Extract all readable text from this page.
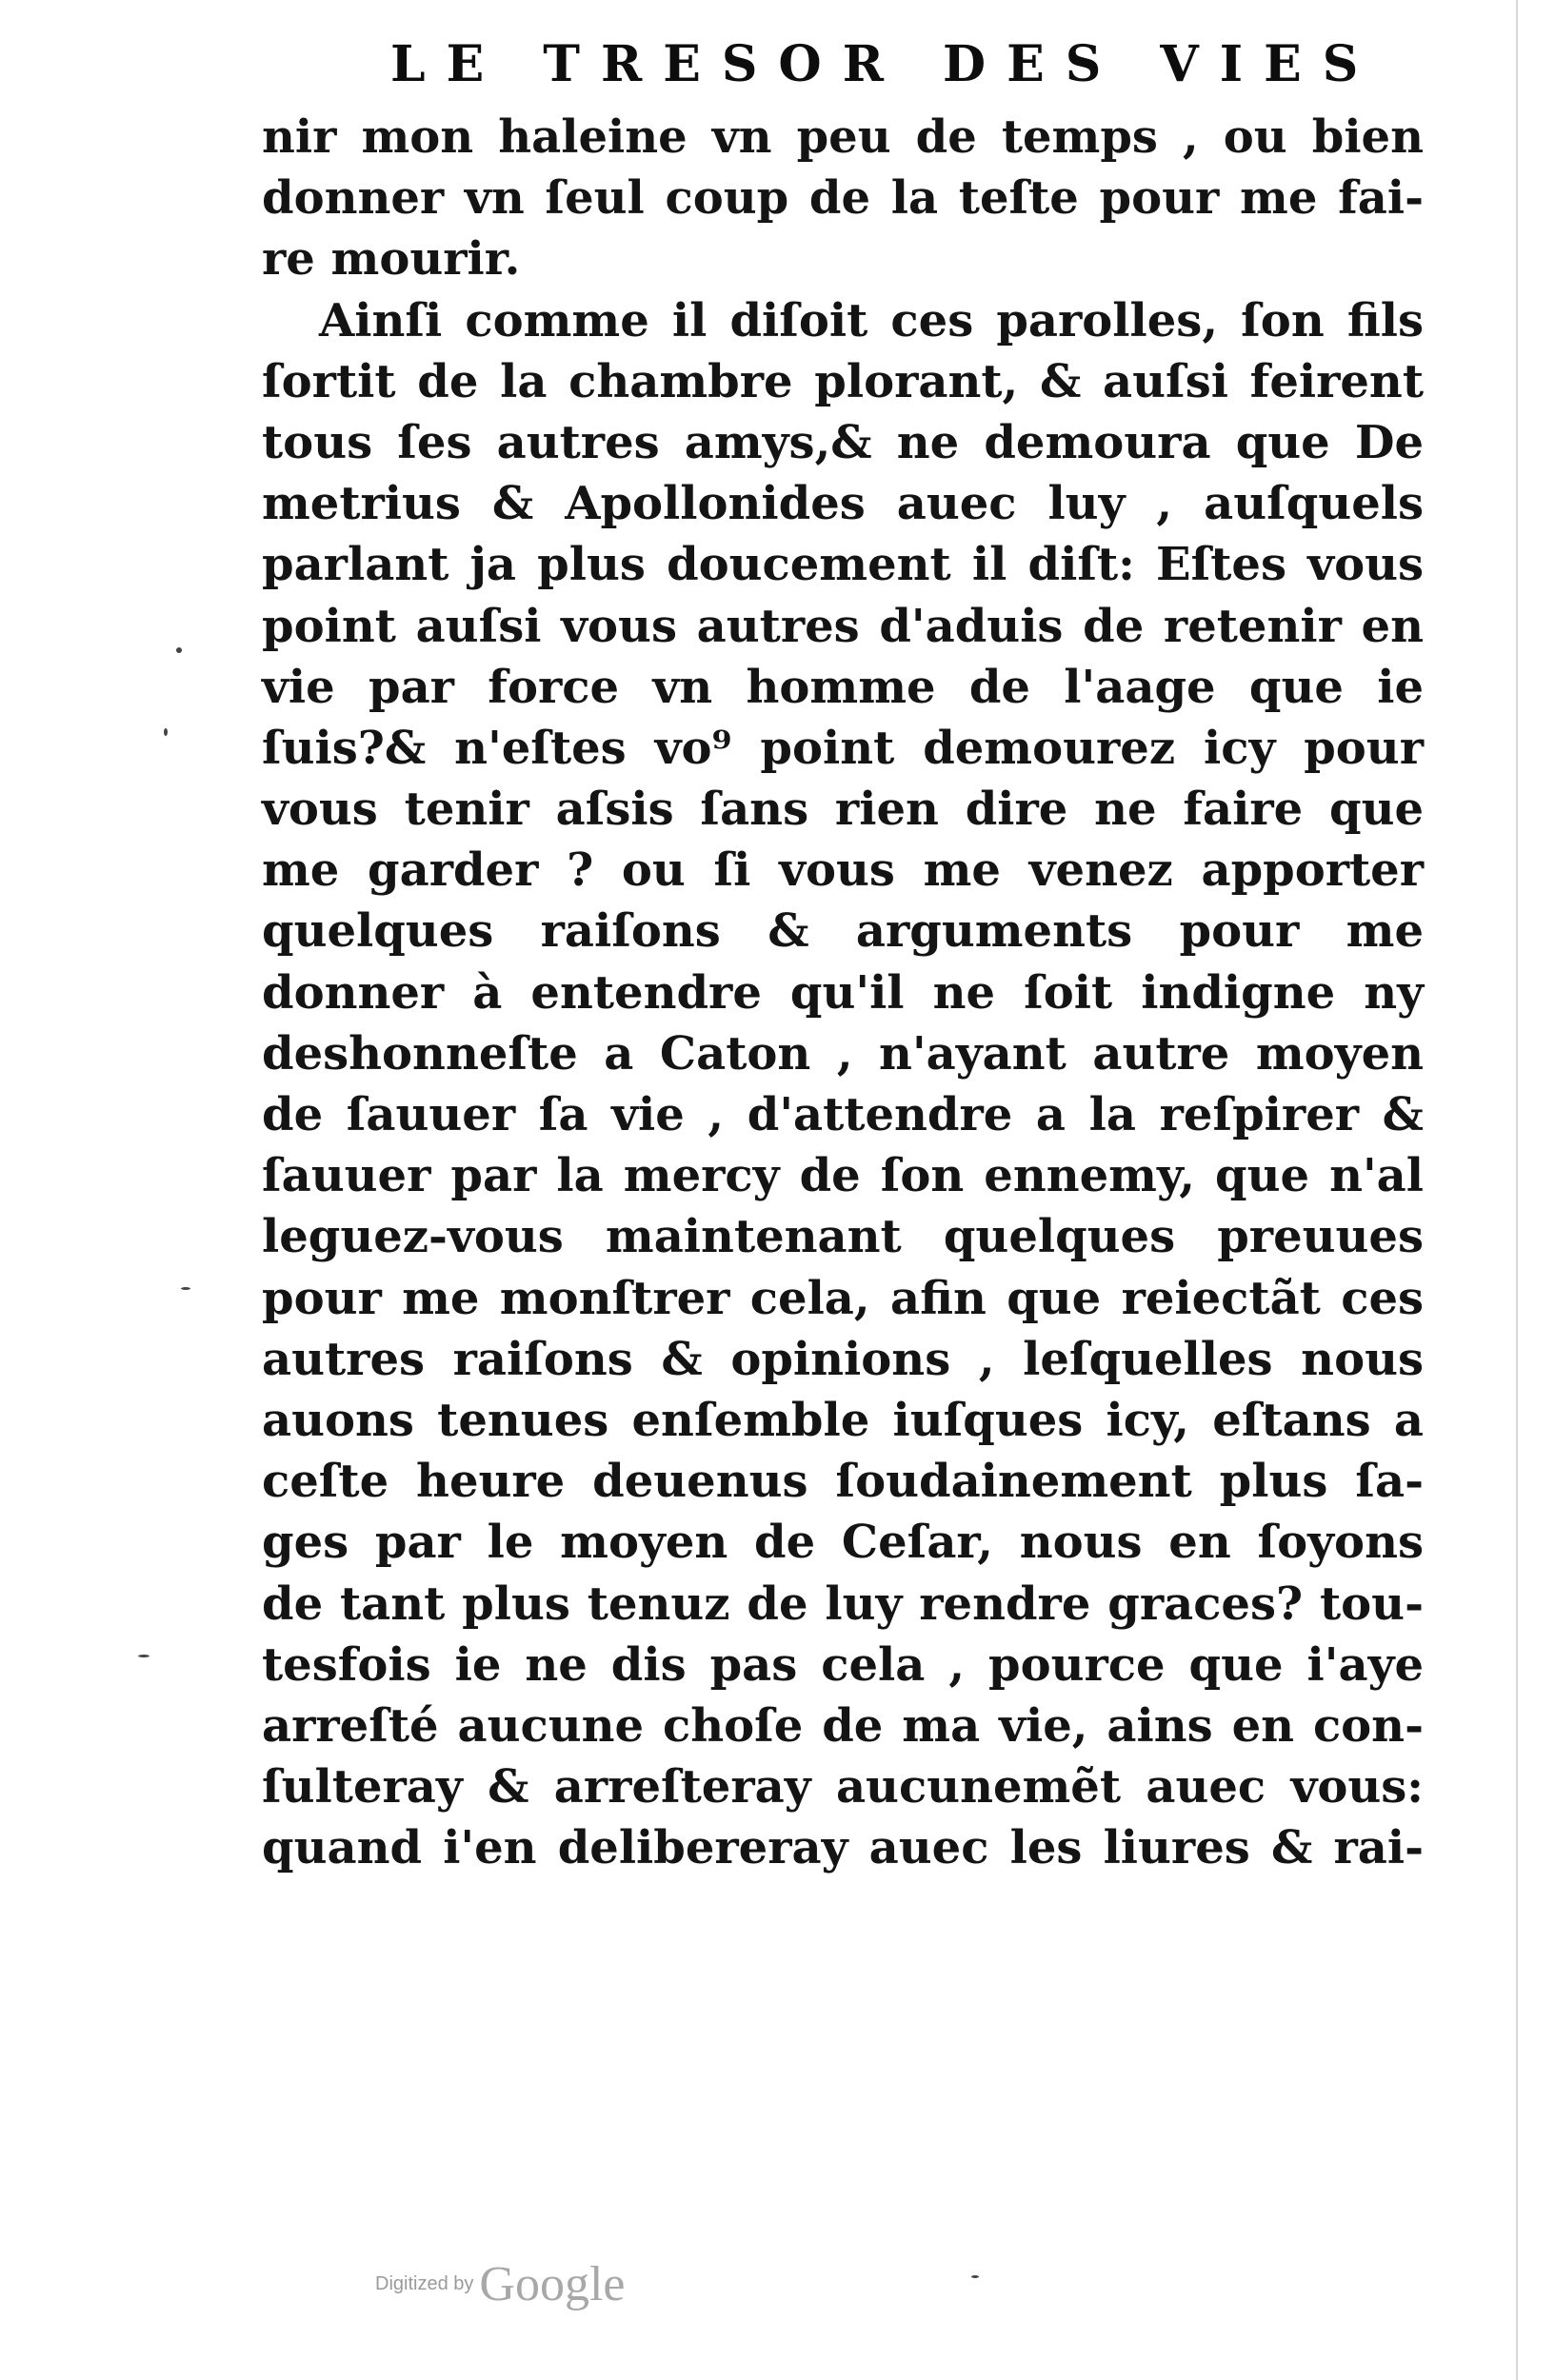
LE TRESOR DES VIES
nir mon haleine vn peu de temps , ou bien
donner vn ſeul coup de la teſte pour me fai-
re mourir.
Ainſi comme il diſoit ces parolles, ſon fils
ſortit de la chambre plorant, & auſsi feirent
tous ſes autres amys,& ne demoura que De
metrius & Apollonides auec luy , auſquels
parlant ja plus doucement il diſt: Eſtes vous
point auſsi vous autres d'aduis de retenir en
vie par force vn homme de l'aage que ie
ſuis?& n'eſtes vo⁹ point demourez icy pour
vous tenir aſsis ſans rien dire ne faire que
me garder ? ou ſi vous me venez apporter
quelques raiſons & arguments pour me
donner à entendre qu'il ne ſoit indigne ny
deshonneſte a Caton , n'ayant autre moyen
de ſauuer ſa vie , d'attendre a la reſpirer &
ſauuer par la mercy de ſon ennemy, que n'al
leguez-vous maintenant quelques preuues
pour me monſtrer cela, afin que reiectãt ces
autres raiſons & opinions , leſquelles nous
auons tenues enſemble iuſques icy, eſtans a
ceſte heure deuenus ſoudainement plus ſa-
ges par le moyen de Ceſar, nous en ſoyons
de tant plus tenuz de luy rendre graces? tou-
tesfois ie ne dis pas cela , pource que i'aye
arreſté aucune choſe de ma vie, ains en con-
ſulteray & arreſteray aucunemẽt auec vous:
quand i'en delibereray auec les liures & rai-
Digitized by Google
